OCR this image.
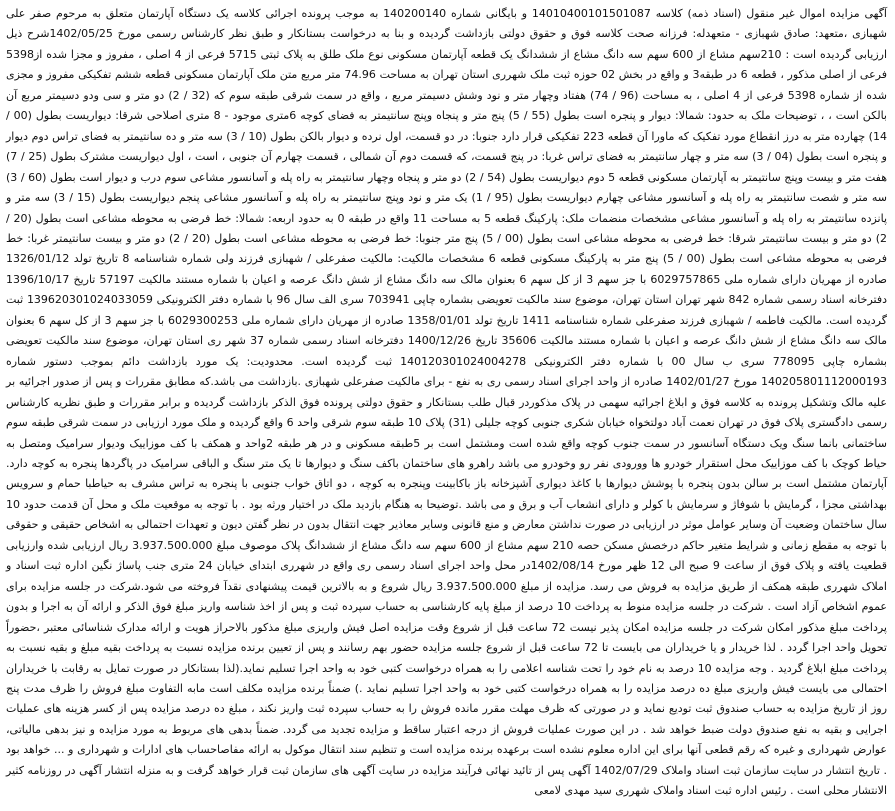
آگهی مزایده اموال غیر منقول (اسناد ذمه) کلاسه 14010400101501087 و بایگانی شماره 140200140 به موجب پرونده اجرائی کلاسه یک دستگاه آپارتمان متعلق به مرحوم صفر علی شهبازی ،متعهد: صادق شهبازی - متعهدله: فرزانه صحت کلاسه فوق و حقوق دولتی بازداشت گردیده و بنا به درخواست بستانکار و طبق نظر کارشناس رسمی مورخ 1402/05/25شرح ذیل ارزیابی گردیده است : 210سهم مشاع از 600 سهم سه دانگ مشاع از ششدانگ یک قطعه آپارتمان مسکونی نوع ملک طلق به پلاک ثبتی 5715 فرعی از 4 اصلی ، مفروز و مجزا شده از5398 فرعی از اصلی مذکور ، قطعه 6 در طبقه3 و واقع در بخش 02 حوزه ثبت ملک شهرری استان تهران به مساحت 74.96 متر مربع متن ملک آپارتمان مسکونی قطعه ششم تفکیکی مفروز و مجزی شده از شماره 5398 فرعی از 4 اصلی ، به مساحت (96 / 74) هفتاد وچهار متر و نود وشش دسیمتر مربع ، واقع در سمت شرقی طبقه سوم که (32 / 2) دو متر و سی ودو دسیمتر مربع آن بالکن است ، ، توضیحات ملک به حدود: شمالا: دیوار و پنجره است بطول (55 / 5) پنج متر و پنجاه وپنج سانتیمتر به فضای کوچه 6متری موجود - 8 متری اصلاحی شرقا: دیواریست بطول (00 / 14) چهارده متر به درز انقطاع مورد تفکیک که ماورا آن قطعه 223 تفکیکی قرار دارد جنوبا: در دو قسمت، اول نرده و دیوار بالکن بطول (10 / 3) سه متر و ده سانتیمتر به فضای تراس دوم دیوار و پنجره است بطول (04 / 3) سه متر و چهار سانتیمتر به فضای تراس غربا: در پنج قسمت، که قسمت دوم آن شمالی ، قسمت چهارم آن جنوبی ، است ، اول دیواریست مشترک بطول (25 / 7) هفت متر و بیست وپنج سانتیمتر به آپارتمان مسکونی قطعه 5 دوم دیواریست بطول (54 / 2) دو متر و پنجاه وچهار سانتیمتر به راه پله و آسانسور مشاعی سوم درب و دیوار است بطول (60 / 3) سه متر و شصت سانتیمتر به راه پله و آسانسور مشاعی چهارم دیواریست بطول (95 / 1) یک متر و نود وپنج سانتیمتر به راه پله و آسانسور مشاعی پنجم دیواریست بطول (15 / 3) سه متر و پانزده سانتیمتر به راه پله و آسانسور مشاعی مشخصات منضمات ملک: پارکینگ قطعه 5 به مساحت 11 واقع در طبقه 0 به حدود اربعه: شمالا: خط فرضی به محوطه مشاعی است بطول (20 / 2) دو متر و بیست سانتیمتر شرقا: خط فرضی به محوطه مشاعی است بطول (00 / 5) پنج متر جنوبا: خط فرضی به محوطه مشاعی است بطول (20 / 2) دو متر و بیست سانتیمتر غربا: خط فرضی به محوطه مشاعی است بطول (00 / 5) پنج متر به پارکینگ مسکونی قطعه 6 مشخصات مالکیت: مالکیت صفرعلی / شهبازی فرزند ولی شماره شناسنامه 8 تاریخ تولد 1326/01/12 صادره از مهریان دارای شماره ملی 6029757865 با جز سهم 3 از کل سهم 6 بعنوان مالک سه دانگ مشاع از شش دانگ عرصه و اعیان با شماره مستند مالکیت 57197 تاریخ 1396/10/17 دفترخانه اسناد رسمی شماره 842 شهر تهران استان تهران، موضوع سند مالکیت تعویضی بشماره چاپی 703941 سری الف سال 96 با شماره دفتر الکترونیکی 139620301024033059 ثبت گردیده است. مالکیت فاطمه / شهبازی فرزند صفرعلی شماره شناسنامه 1411 تاریخ تولد 1358/01/01 صادره از مهریان دارای شماره ملی 6029300253 با جز سهم 3 از کل سهم 6 بعنوان مالک سه دانگ مشاع از شش دانگ عرصه و اعیان با شماره مستند مالکیت 35606 تاریخ 1400/12/26 دفترخانه اسناد رسمی شماره 37 شهر ری استان تهران، موضوع سند مالکیت تعویضی بشماره چاپی 778095 سری ب سال 00 با شماره دفتر الکترونیکی 140120301024004278 ثبت گردیده است. محدودیت: یک مورد بازداشت دائم بموجب دستور شماره 140205801112000193 مورخ 1402/01/27 صادره از واحد اجرای اسناد رسمی ری به نفع - برای مالکیت صفرعلی شهبازی .بازداشت می باشد.که مطابق مقررات و پس از صدور اجرائیه بر علیه مالک وتشکیل پرونده به کلاسه فوق و ابلاغ اجرائیه سهمی در پلاک مذکوردر قبال طلب بستانکار و حقوق دولتی پرونده فوق الذکر بازداشت گردیده و برابر مقررات و طبق نظریه کارشناس رسمی دادگستری پلاک فوق در تهران نعمت آباد دولتخواه خیابان شکری جنوبی کوچه جلیلی (31) پلاک 10 طبقه سوم شرقی واحد 6 واقع گردیده و ملک مورد ارزیابی در سمت شرقی طبقه سوم ساختمانی بانما سنگ ویک دستگاه آسانسور در سمت جنوب کوچه واقع شده است ومشتمل است بر 5طبقه مسکونی و در هر طبقه 2واحد و همکف با کف موزاییک ودیوار سرامیک ومتصل به حیاط کوچک با کف موزاییک محل استقرار خودرو ها وورودی نفر رو وخودرو می باشد راهرو های ساختمان باکف سنگ و دیوارها تا یک متر سنگ و الباقی سرامیک در پاگردها پنجره به کوچه دارد. آپارتمان مشتمل است بر سالن بدون پنجره با پوشش دیوارها با کاغذ دیواری آشپزخانه باز باکابینت وپنجره به کوچه ، دو اتاق خواب جنوبی با پنجره به تراس مشرف به حیاطبا حمام و سرویس بهداشتی مجزا ، گرمایش با شوفاژ و سرمایش با کولر و دارای انشعاب آب و برق و می باشد .توضیحا به هنگام بازدید ملک در اختیار ورثه بود . با توجه به موقعیت ملک و محل آن قدمت حدود 10 سال ساختمان وضعیت آن وسایر عوامل موثر در ارزیابی در صورت نداشتن معارض و منع قانونی وسایر معاذیر جهت انتقال بدون در نظر گفتن دیون و تعهدات احتمالی به اشخاص حقیقی و حقوقی با توجه به مقطع زمانی و شرایط متغیر حاکم درخصش مسکن حصه 210 سهم مشاع از 600 سهم سه دانگ مشاع از ششدانگ پلاک موصوف مبلغ 3.937.500.000 ریال ارزیابی شده وارزیابی قطعیت یافته و پلاک فوق از ساعت 9 صبح الی 12 ظهر مورخ 1402/08/14در محل واحد اجرای اسناد رسمی ری واقع در شهرری ابتدای خیابان 24 متری جنب پاساژ نگین اداره ثبت اسناد و املاک شهرری طبقه همکف از طریق مزایده به فروش می رسد. مزایده از مبلغ 3.937.500.000 ریال شروع و به بالاترین قیمت پیشنهادی نقدآ فروخته می شود.شرکت در جلسه مزایده برای عموم اشخاص آزاد است . شرکت در جلسه مزایده منوط به پرداخت 10 درصد از مبلغ پایه کارشناسی به حساب سپرده ثبت و پس از اخذ شناسه واریز مبلغ فوق الذکر و ارائه آن به اجرا و بدون پرداخت مبلغ مذکور امکان شرکت در جلسه مزایده امکان پذیر نیست 72 ساعت قبل از شروع وقت مزایده اصل فیش واریزی مبلغ مذکور بالاحراز هویت و ارائه مدارک شناسائی معتبر ،حضوراً تحویل واحد اجرا گردد . لذا خریدار و یا خریداران می بایست تا 72 ساعت قبل از شروع جلسه مزایده حضور بهم رسانند و پس از تعیین برنده مزایده نسبت به پرداخت بقیه مبلغ و بقیه نسبت به پرداخت مبلغ ابلاغ گردید . وجه مزایده 10 درصد به نام خود را تحت شناسه اعلامی را به همراه درخواست کتبی خود به واحد اجرا تسلیم نماید.(لذا بستانکار در صورت تمایل به رقابت با خریداران احتمالی می بایست فیش واریزی مبلغ ده درصد مزایده را به همراه درخواست کتبی خود به واحد اجرا تسلیم نماید .) ضمناً برنده مزایده مکلف است مابه التفاوت مبلغ فروش را ظرف مدت پنج روز از تاریخ مزایده به حساب صندوق ثبت تودیع نماید و در صورتی که ظرف مهلت مقرر مانده فروش را به حساب سپرده ثبت واریز نکند ، مبلغ ده درصد مزایده پس از کسر هزینه های عملیات اجرایی و بقیه به نفع صندوق دولت ضبط خواهد شد . در این صورت عملیات فروش از درجه اعتبار ساقط و مزایده تجدید می گردد. ضمناً بدهی های مربوط به مورد مزایده و نیز بدهی مالیاتی، عوارض شهرداری و غیره که رقم قطعی آنها برای این اداره معلوم نشده است برعهده برنده مزایده است و تنظیم سند انتقال موکول به ارائه مفاصاحساب های ادارات و شهرداری و ... خواهد بود . تاریخ انتشار در سایت سازمان ثبت اسناد واملاک 1402/07/29 آگهی پس از تائید نهائی فرآیند مزایده در سایت آگهی های سازمان ثبت قرار خواهد گرفت و به منزله انتشار آگهی در روزنامه کثیر الانتشار محلی است . رئیس اداره ثبت اسناد واملاک شهرری سید مهدی لامعی
